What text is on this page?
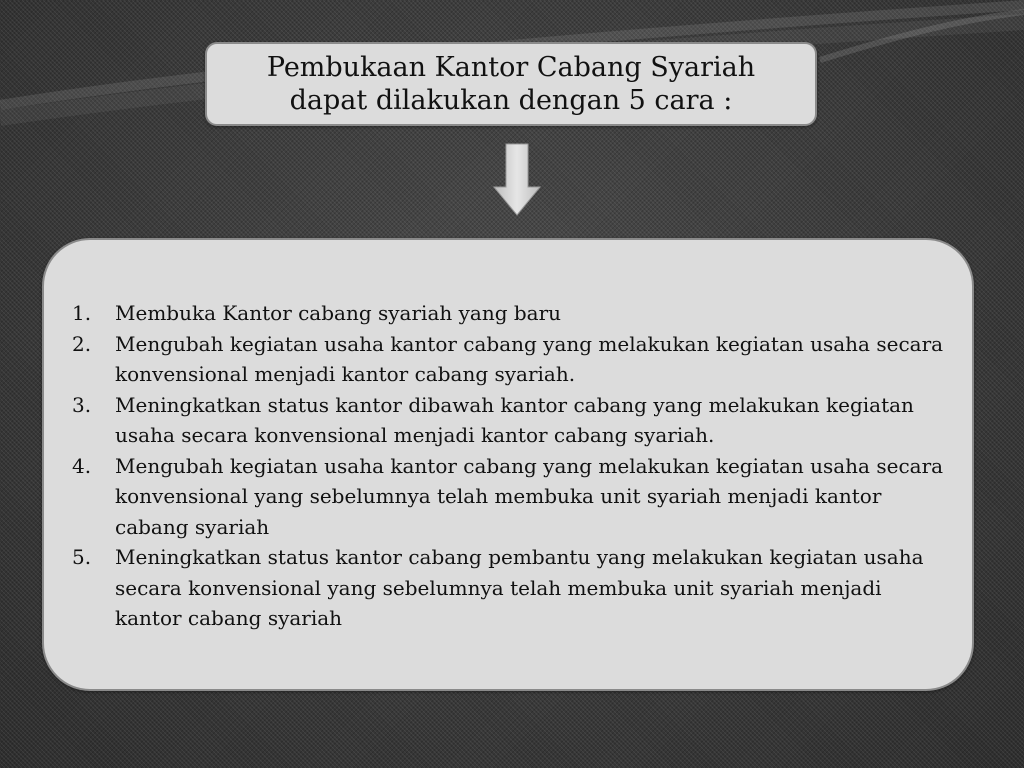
Pembukaan Kantor Cabang Syariah
dapat dilakukan dengan 5 cara :
1. Membuka Kantor cabang syariah yang baru
2. Mengubah kegiatan usaha kantor cabang yang melakukan kegiatan usaha secara konvensional menjadi kantor cabang syariah.
3. Meningkatkan status kantor dibawah kantor cabang yang melakukan kegiatan usaha secara konvensional menjadi kantor cabang syariah.
4. Mengubah kegiatan usaha kantor cabang yang melakukan kegiatan usaha secara konvensional yang sebelumnya telah membuka unit syariah menjadi kantor cabang syariah
5. Meningkatkan status kantor cabang pembantu yang melakukan kegiatan usaha secara konvensional yang sebelumnya telah membuka unit syariah menjadi kantor cabang syariah
